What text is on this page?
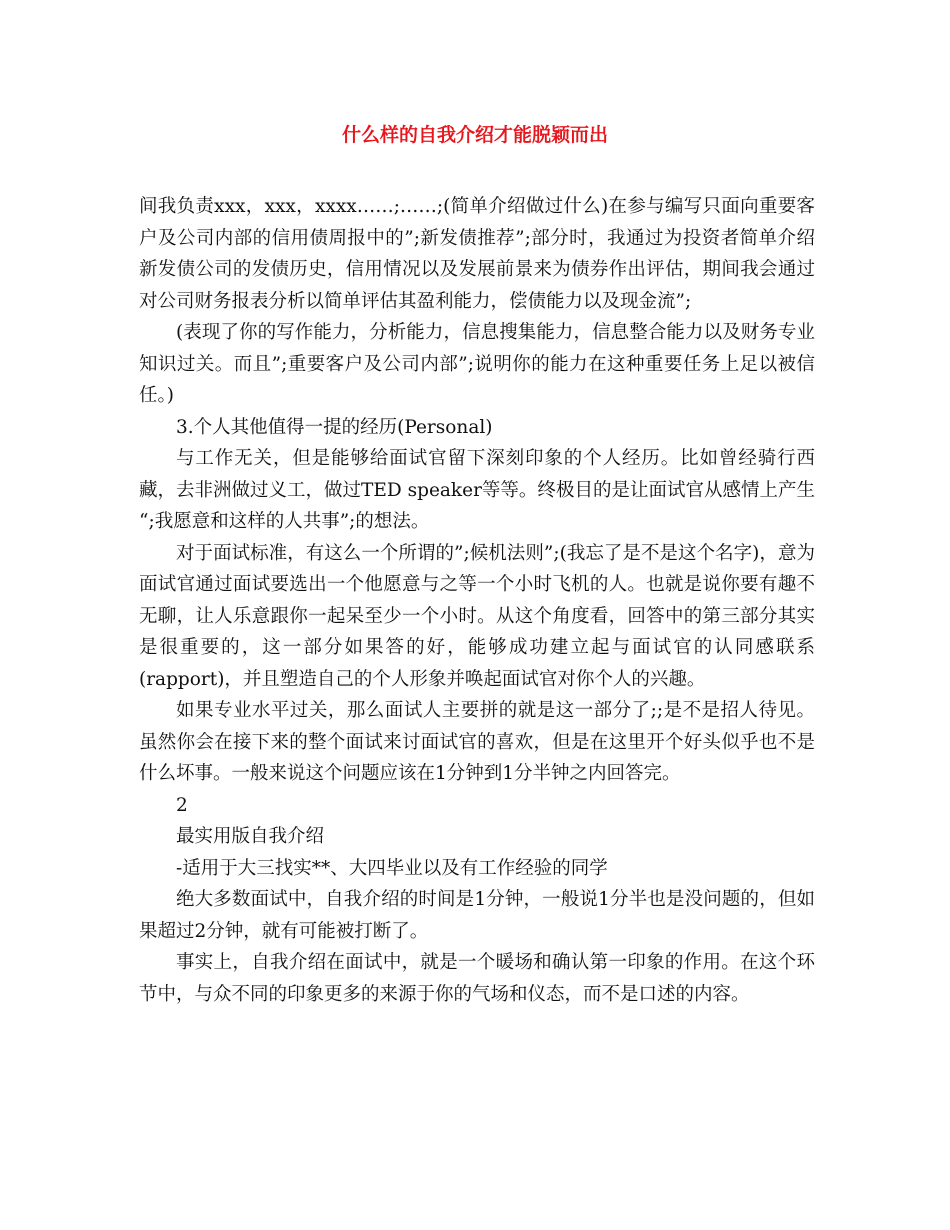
什么样的自我介绍才能脱颖而出

间我负责xxx，xxx，xxxx……;……;(简单介绍做过什么)在参与编写只面向重要客户及公司内部的信用债周报中的”;新发债推荐”;部分时，我通过为投资者简单介绍新发债公司的发债历史，信用情况以及发展前景来为债券作出评估，期间我会通过对公司财务报表分析以简单评估其盈利能力，偿债能力以及现金流”;

(表现了你的写作能力，分析能力，信息搜集能力，信息整合能力以及财务专业知识过关。而且”;重要客户及公司内部”;说明你的能力在这种重要任务上足以被信任。)

3.个人其他值得一提的经历(Personal)

与工作无关，但是能够给面试官留下深刻印象的个人经历。比如曾经骑行西藏，去非洲做过义工，做过TED speaker等等。终极目的是让面试官从感情上产生 “;我愿意和这样的人共事”;的想法。

对于面试标准，有这么一个所谓的”;候机法则”;(我忘了是不是这个名字)，意为面试官通过面试要选出一个他愿意与之等一个小时飞机的人。也就是说你要有趣不无聊，让人乐意跟你一起呆至少一个小时。从这个角度看，回答中的第三部分其实是很重要的，这一部分如果答的好，能够成功建立起与面试官的认同感联系(rapport)，并且塑造自己的个人形象并唤起面试官对你个人的兴趣。

如果专业水平过关，那么面试人主要拼的就是这一部分了;;是不是招人待见。虽然你会在接下来的整个面试来讨面试官的喜欢，但是在这里开个好头似乎也不是什么坏事。一般来说这个问题应该在1分钟到1分半钟之内回答完。

2

最实用版自我介绍

-适用于大三找实**、大四毕业以及有工作经验的同学

绝大多数面试中，自我介绍的时间是1分钟，一般说1分半也是没问题的，但如果超过2分钟，就有可能被打断了。

事实上，自我介绍在面试中，就是一个暖场和确认第一印象的作用。在这个环节中，与众不同的印象更多的来源于你的气场和仪态，而不是口述的内容。
